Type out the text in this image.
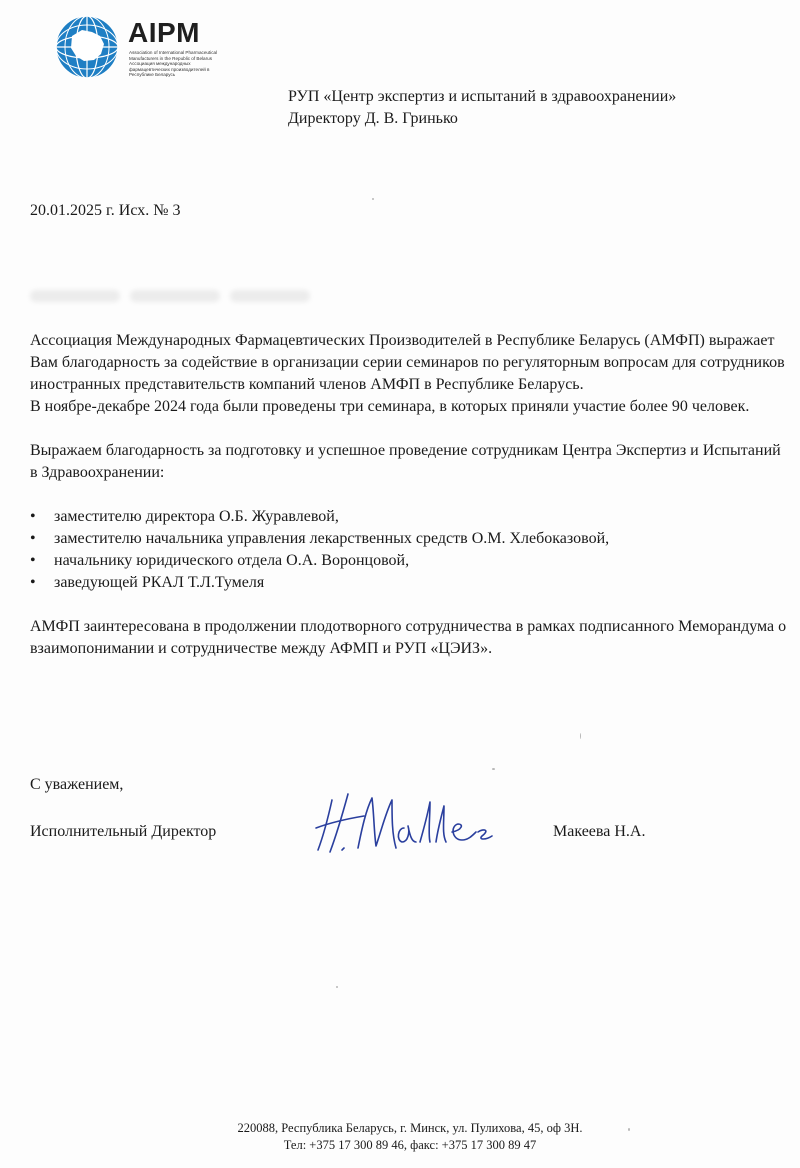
AIPM
Association of International Pharmaceutical Manufacturers in the Republic of Belarus
Ассоциация международных фармацевтических производителей в Республике Беларусь
РУП «Центр экспертиз и испытаний в здравоохранении»
Директору Д. В. Гринько
20.01.2025 г. Исх. № 3

Ассоциация Международных Фармацевтических Производителей в Республике Беларусь (АМФП) выражает Вам благодарность за содействие в организации серии семинаров по регуляторным вопросам для сотрудников иностранных представительств компаний членов АМФП в Республике Беларусь.

В ноябре-декабре 2024 года были проведены три семинара, в которых приняли участие более 90 человек.

Выражаем благодарность за подготовку и успешное проведение сотрудникам Центра Экспертиз и Испытаний в Здравоохранении:

• заместителю директора О.Б. Журавлевой,
• заместителю начальника управления лекарственных средств О.М. Хлебоказовой,
• начальнику юридического отдела О.А. Воронцовой,
• заведующей РКАЛ Т.Л.Тумеля

АМФП заинтересована в продолжении плодотворного сотрудничества в рамках подписанного Меморандума о взаимопонимании и сотрудничестве между АФМП и РУП «ЦЭИЗ».

С уважением,
Исполнительный Директор	Макеева Н.А.
220088, Республика Беларусь, г. Минск, ул. Пулихова, 45, оф 3Н.
Тел: +375 17 300 89 46, факс: +375 17 300 89 47
